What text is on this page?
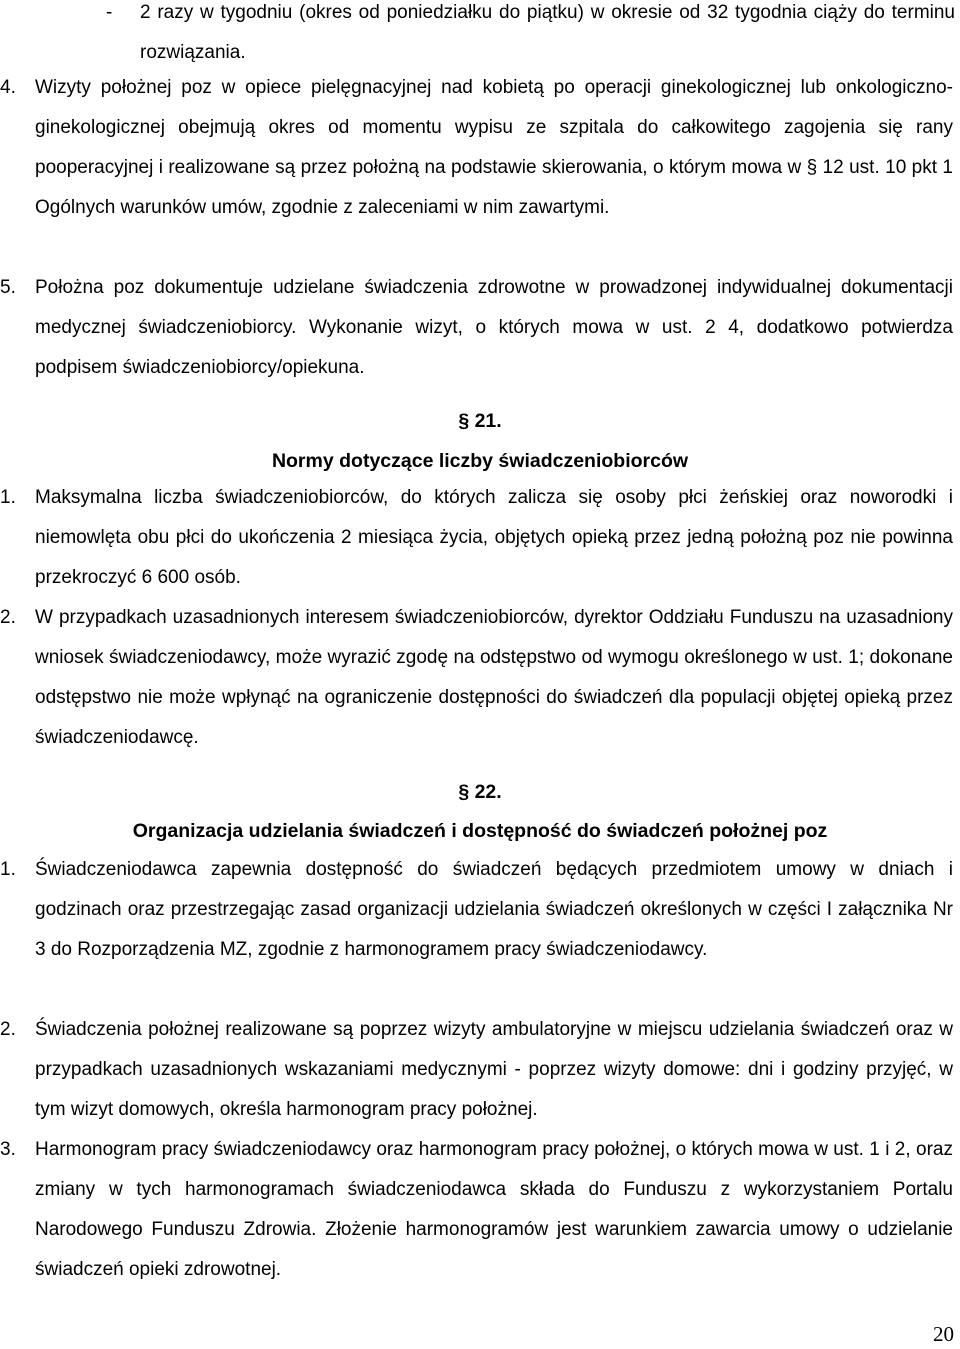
- 2 razy w tygodniu (okres od poniedziałku do piątku) w okresie od 32 tygodnia ciąży do terminu rozwiązania.
4.	Wizyty położnej poz w opiece pielęgnacyjnej nad kobietą po operacji ginekologicznej lub onkologiczno-ginekologicznej obejmują okres od momentu wypisu ze szpitala do całkowitego zagojenia się rany pooperacyjnej i realizowane są przez położną na podstawie skierowania, o którym mowa w § 12 ust. 10 pkt 1 Ogólnych warunków umów, zgodnie z zaleceniami w nim zawartymi.
5.	Położna poz dokumentuje udzielane świadczenia zdrowotne w prowadzonej indywidualnej dokumentacji medycznej świadczeniobiorcy. Wykonanie wizyt, o których mowa w ust. 2 4, dodatkowo potwierdza podpisem świadczeniobiorcy/opiekuna.
§ 21.
Normy dotyczące liczby świadczeniobiorców
1.	Maksymalna liczba świadczeniobiorców, do których zalicza się osoby płci żeńskiej oraz noworodki i niemowlęta obu płci do ukończenia 2 miesiąca życia, objętych opieką przez jedną położną poz nie powinna przekroczyć 6 600 osób.
2.	W przypadkach uzasadnionych interesem świadczeniobiorców, dyrektor Oddziału Funduszu na uzasadniony wniosek świadczeniodawcy, może wyrazić zgodę na odstępstwo od wymogu określonego w ust. 1; dokonane odstępstwo nie może wpłynąć na ograniczenie dostępności do świadczeń dla populacji objętej opieką przez świadczeniodawcę.
§ 22.
Organizacja udzielania świadczeń i dostępność do świadczeń położnej poz
1.	Świadczeniodawca zapewnia dostępność do świadczeń będących przedmiotem umowy w dniach i godzinach oraz przestrzegając zasad organizacji udzielania świadczeń określonych w części I załącznika Nr 3 do Rozporządzenia MZ, zgodnie z harmonogramem pracy świadczeniodawcy.
2.	Świadczenia położnej realizowane są poprzez wizyty ambulatoryjne w miejscu udzielania świadczeń oraz w przypadkach uzasadnionych wskazaniami medycznymi - poprzez wizyty domowe: dni i godziny przyjęć, w tym wizyt domowych, określa harmonogram pracy położnej.
3.	Harmonogram pracy świadczeniodawcy oraz harmonogram pracy położnej, o których mowa w ust. 1 i 2, oraz zmiany w tych harmonogramach świadczeniodawca składa do Funduszu z wykorzystaniem Portalu Narodowego Funduszu Zdrowia. Złożenie harmonogramów jest warunkiem zawarcia umowy o udzielanie świadczeń opieki zdrowotnej.
20
